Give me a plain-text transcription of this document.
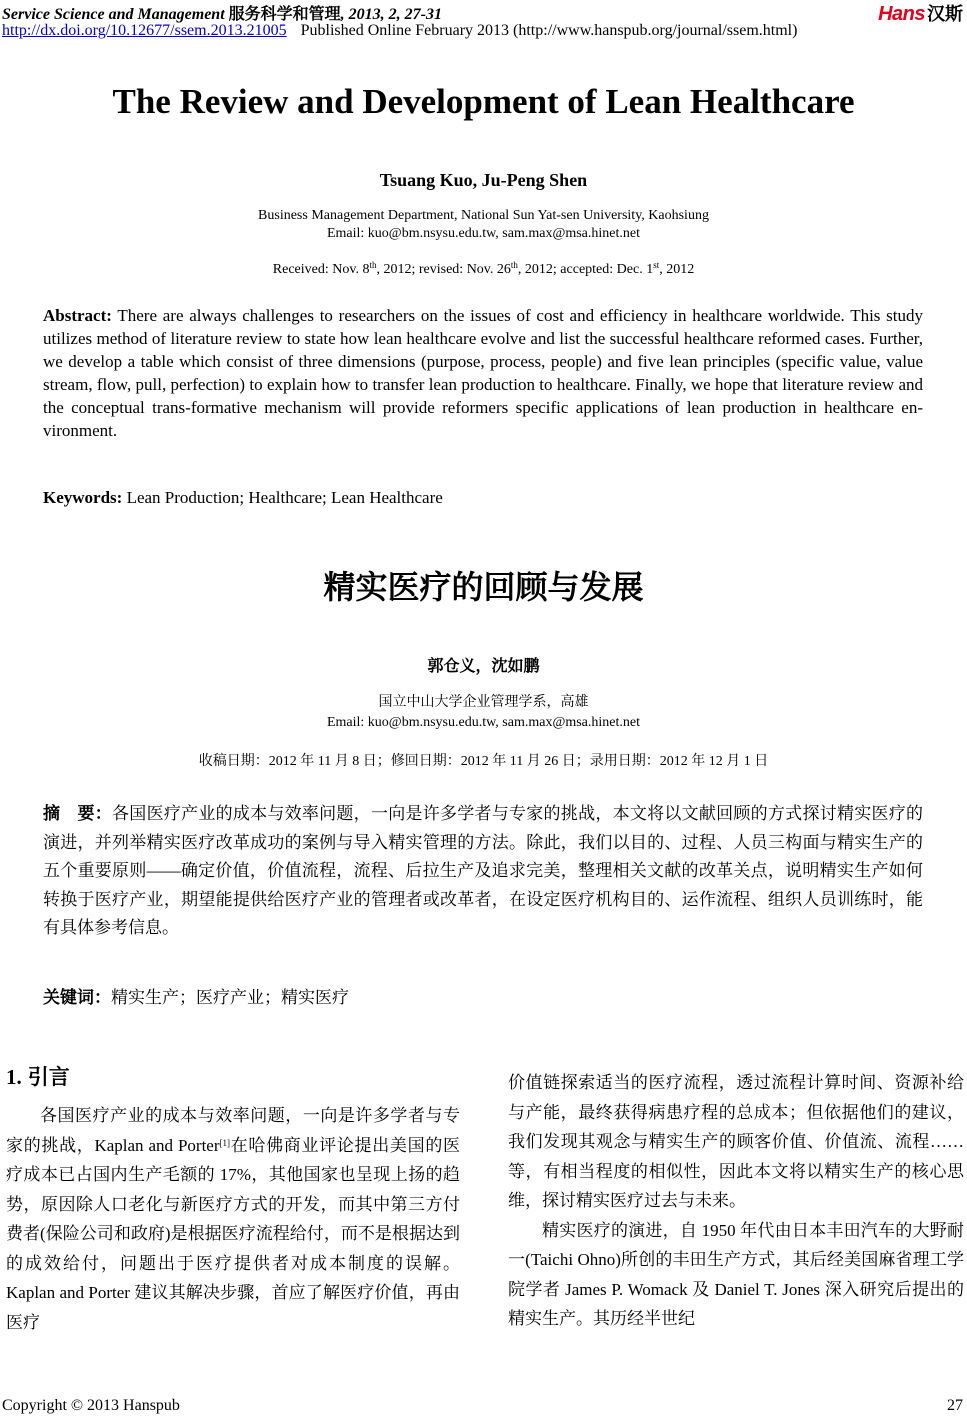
Service Science and Management 服务科学和管理, 2013, 2, 27-31
http://dx.doi.org/10.12677/ssem.2013.21005 Published Online February 2013 (http://www.hanspub.org/journal/ssem.html)
Hans 汉斯
The Review and Development of Lean Healthcare
Tsuang Kuo, Ju-Peng Shen
Business Management Department, National Sun Yat-sen University, Kaohsiung
Email: kuo@bm.nsysu.edu.tw, sam.max@msa.hinet.net
Received: Nov. 8th, 2012; revised: Nov. 26th, 2012; accepted: Dec. 1st, 2012
Abstract: There are always challenges to researchers on the issues of cost and efficiency in healthcare worldwide. This study utilizes method of literature review to state how lean healthcare evolve and list the successful healthcare reformed cases. Further, we develop a table which consist of three dimensions (purpose, process, people) and five lean principles (specific value, value stream, flow, pull, perfection) to explain how to transfer lean production to healthcare. Finally, we hope that literature review and the conceptual trans-formative mechanism will provide reformers specific applications of lean production in healthcare en-vironment.
Keywords: Lean Production; Healthcare; Lean Healthcare
精实医疗的回顾与发展
郭仓义，沈如鹏
国立中山大学企业管理学系，高雄
Email: kuo@bm.nsysu.edu.tw, sam.max@msa.hinet.net
收稿日期：2012 年 11 月 8 日；修回日期：2012 年 11 月 26 日；录用日期：2012 年 12 月 1 日
摘　要：各国医疗产业的成本与效率问题，一向是许多学者与专家的挑战，本文将以文献回顾的方式探讨精实医疗的演进，并列举精实医疗改革成功的案例与导入精实管理的方法。除此，我们以目的、过程、人员三构面与精实生产的五个重要原则——确定价值，价值流程，流程、后拉生产及追求完美，整理相关文献的改革关点，说明精实生产如何转换于医疗产业，期望能提供给医疗产业的管理者或改革者，在设定医疗机构目的、运作流程、组织人员训练时，能有具体参考信息。
关键词：精实生产；医疗产业；精实医疗
1. 引言

各国医疗产业的成本与效率问题，一向是许多学者与专家的挑战，Kaplan and Porter[1]在哈佛商业评论提出美国的医疗成本已占国内生产毛额的 17%，其他国家也呈现上扬的趋势，原因除人口老化与新医疗方式的开发，而其中第三方付费者(保险公司和政府)是根据医疗流程给付，而不是根据达到的成效给付，问题出于医疗提供者对成本制度的误解。Kaplan and Porter 建议其解决步骤，首应了解医疗价值，再由医疗

价值链探索适当的医疗流程，透过流程计算时间、资源补给与产能，最终获得病患疗程的总成本；但依据他们的建议，我们发现其观念与精实生产的顾客价值、价值流、流程……等，有相当程度的相似性，因此本文将以精实生产的核心思维，探讨精实医疗过去与未来。

精实医疗的演进，自 1950 年代由日本丰田汽车的大野耐一(Taichi Ohno)所创的丰田生产方式，其后经美国麻省理工学院学者 James P. Womack 及 Daniel T. Jones 深入研究后提出的精实生产。其历经半世纪

Copyright © 2013 Hanspub	27
